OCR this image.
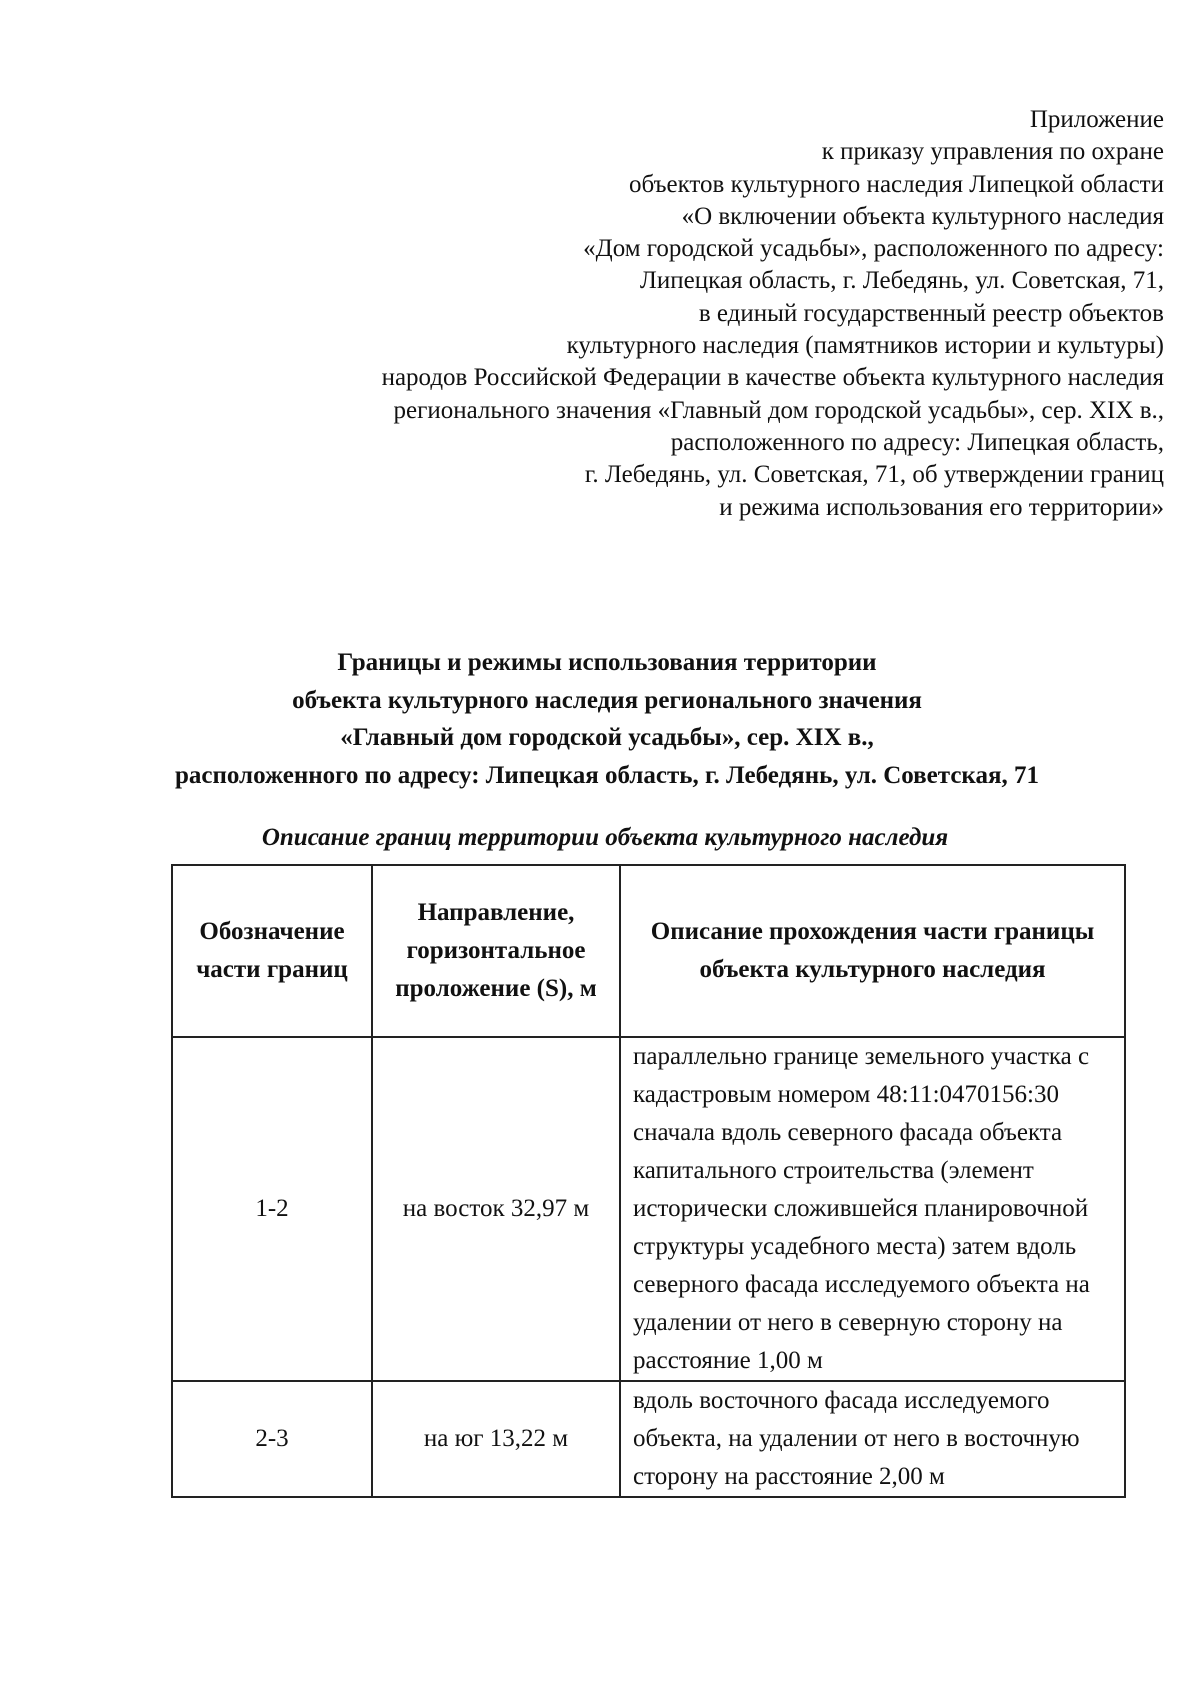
Приложение
к приказу управления по охране
объектов культурного наследия Липецкой области
«О включении объекта культурного наследия
«Дом городской усадьбы», расположенного по адресу:
Липецкая область, г. Лебедянь, ул. Советская, 71,
в единый государственный реестр объектов
культурного наследия (памятников истории и культуры)
народов Российской Федерации в качестве объекта культурного наследия
регионального значения «Главный дом городской усадьбы», сер. XIX в.,
расположенного по адресу: Липецкая область,
г. Лебедянь, ул. Советская, 71, об утверждении границ
и режима использования его территории»
Границы и режимы использования территории
объекта культурного наследия регионального значения
«Главный дом городской усадьбы», сер. XIX в.,
расположенного по адресу: Липецкая область, г. Лебедянь, ул. Советская, 71
Описание границ территории объекта культурного наследия
Обозначение части границ	Направление, горизонтальное проложение (S), м	Описание прохождения части границы объекта культурного наследия
1-2	на восток 32,97 м	параллельно границе земельного участка с кадастровым номером 48:11:0470156:30 сначала вдоль северного фасада объекта капитального строительства (элемент исторически сложившейся планировочной структуры усадебного места) затем вдоль северного фасада исследуемого объекта на удалении от него в северную сторону на расстояние 1,00 м
2-3	на юг 13,22 м	вдоль восточного фасада исследуемого объекта, на удалении от него в восточную сторону на расстояние 2,00 м
